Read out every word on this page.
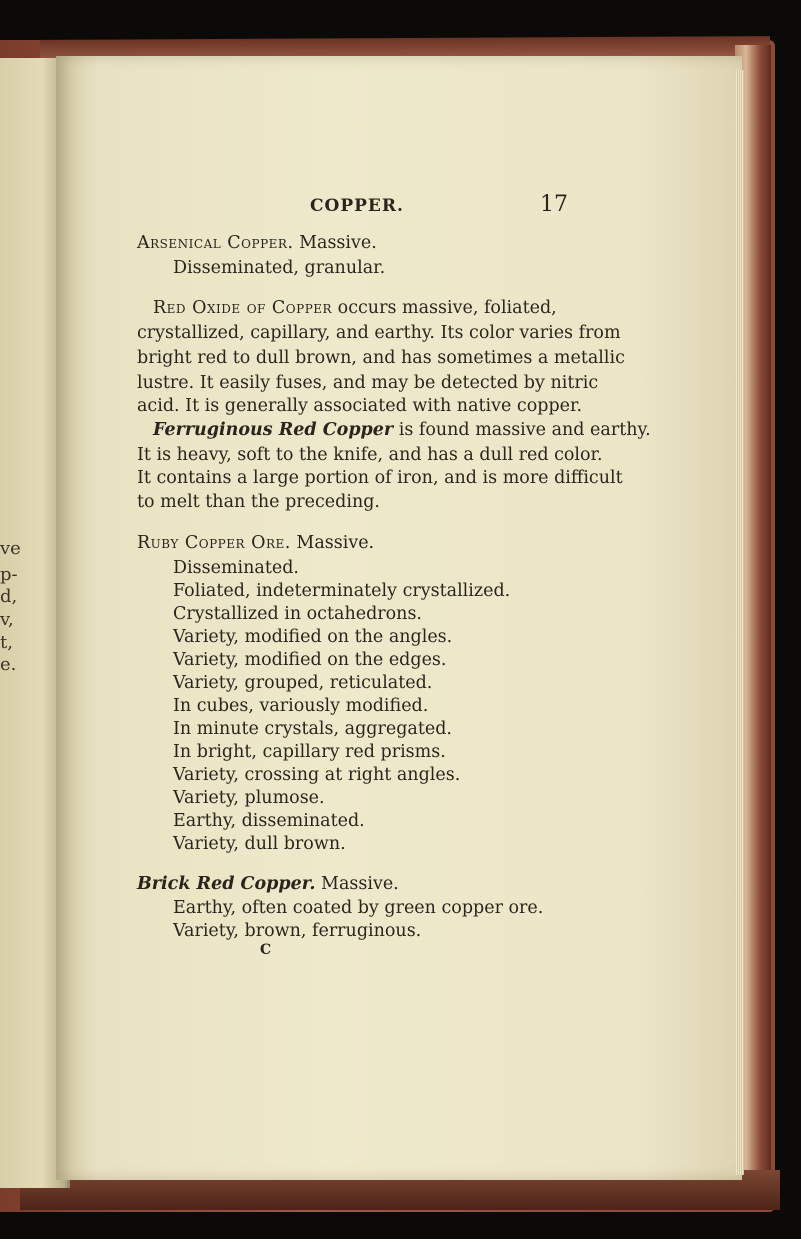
ve
p-
d,
v,
t,
e.
COPPER.	17
Arsenical Copper. Massive.
Disseminated, granular.
Red Oxide of Copper occurs massive, foliated,
crystallized, capillary, and earthy. Its color varies from
bright red to dull brown, and has sometimes a metallic
lustre. It easily fuses, and may be detected by nitric
acid. It is generally associated with native copper.
Ferruginous Red Copper is found massive and earthy.
It is heavy, soft to the knife, and has a dull red color.
It contains a large portion of iron, and is more difficult
to melt than the preceding.
Ruby Copper Ore. Massive.
Disseminated.
Foliated, indeterminately crystallized.
Crystallized in octahedrons.
Variety, modified on the angles.
Variety, modified on the edges.
Variety, grouped, reticulated.
In cubes, variously modified.
In minute crystals, aggregated.
In bright, capillary red prisms.
Variety, crossing at right angles.
Variety, plumose.
Earthy, disseminated.
Variety, dull brown.
Brick Red Copper. Massive.
Earthy, often coated by green copper ore.
Variety, brown, ferruginous.
C
